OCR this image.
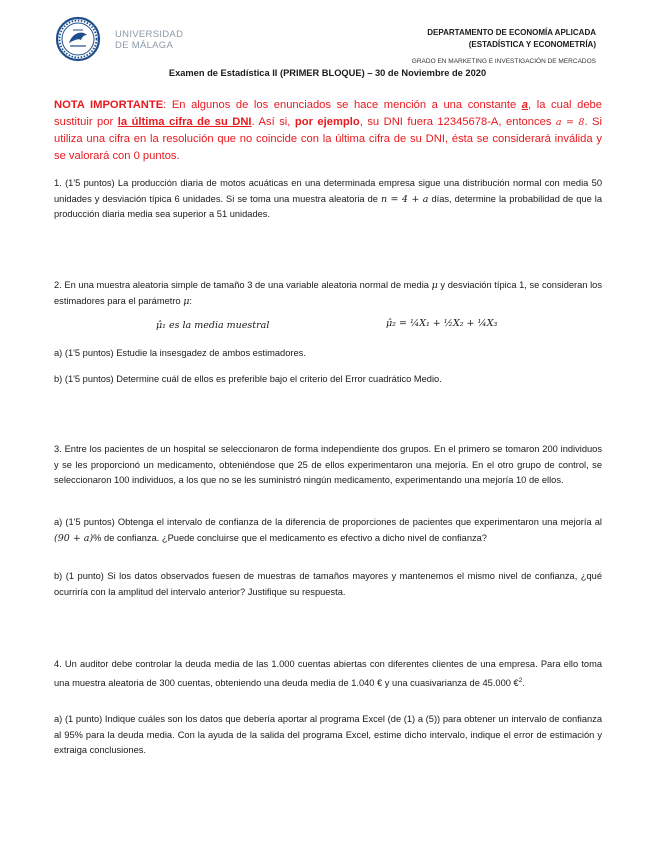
UNIVERSIDAD
DE MÁLAGA
DEPARTAMENTO DE ECONOMÍA APLICADA
(ESTADÍSTICA Y ECONOMETRÍA)
GRADO EN MARKETING E INVESTIGACIÓN DE MERCADOS
Examen de Estadística II (PRIMER BLOQUE) – 30 de Noviembre de 2020
NOTA IMPORTANTE: En algunos de los enunciados se hace mención a una constante a, la cual debe sustituir por la última cifra de su DNI. Así si, por ejemplo, su DNI fuera 12345678-A, entonces a = 8. Si utiliza una cifra en la resolución que no coincide con la última cifra de su DNI, ésta se considerará inválida y se valorará con 0 puntos.
1. (1'5 puntos) La producción diaria de motos acuáticas en una determinada empresa sigue una distribución normal con media 50 unidades y desviación típica 6 unidades. Si se toma una muestra aleatoria de n = 4 + a días, determine la probabilidad de que la producción diaria media sea superior a 51 unidades.
2. En una muestra aleatoria simple de tamaño 3 de una variable aleatoria normal de media μ y desviación típica 1, se consideran los estimadores para el parámetro μ:
μ̂₁ es la media muestral	μ̂₂ = ¼X₁ + ½X₂ + ¼X₃
a) (1'5 puntos) Estudie la insesgadez de ambos estimadores.
b) (1'5 puntos) Determine cuál de ellos es preferible bajo el criterio del Error cuadrático Medio.
3. Entre los pacientes de un hospital se seleccionaron de forma independiente dos grupos. En el primero se tomaron 200 individuos y se les proporcionó un medicamento, obteniéndose que 25 de ellos experimentaron una mejoría. En el otro grupo de control, se seleccionaron 100 individuos, a los que no se les suministró ningún medicamento, experimentando una mejoría 10 de ellos.
a) (1'5 puntos) Obtenga el intervalo de confianza de la diferencia de proporciones de pacientes que experimentaron una mejoría al (90 + a)% de confianza. ¿Puede concluirse que el medicamento es efectivo a dicho nivel de confianza?
b) (1 punto) Si los datos observados fuesen de muestras de tamaños mayores y mantenemos el mismo nivel de confianza, ¿qué ocurriría con la amplitud del intervalo anterior? Justifique su respuesta.
4. Un auditor debe controlar la deuda media de las 1.000 cuentas abiertas con diferentes clientes de una empresa. Para ello toma una muestra aleatoria de 300 cuentas, obteniendo una deuda media de 1.040 € y una cuasivarianza de 45.000 €$^2$.
a) (1 punto) Indique cuáles son los datos que debería aportar al programa Excel (de (1) a (5)) para obtener un intervalo de confianza al 95% para la deuda media. Con la ayuda de la salida del programa Excel, estime dicho intervalo, indique el error de estimación y extraiga conclusiones.
